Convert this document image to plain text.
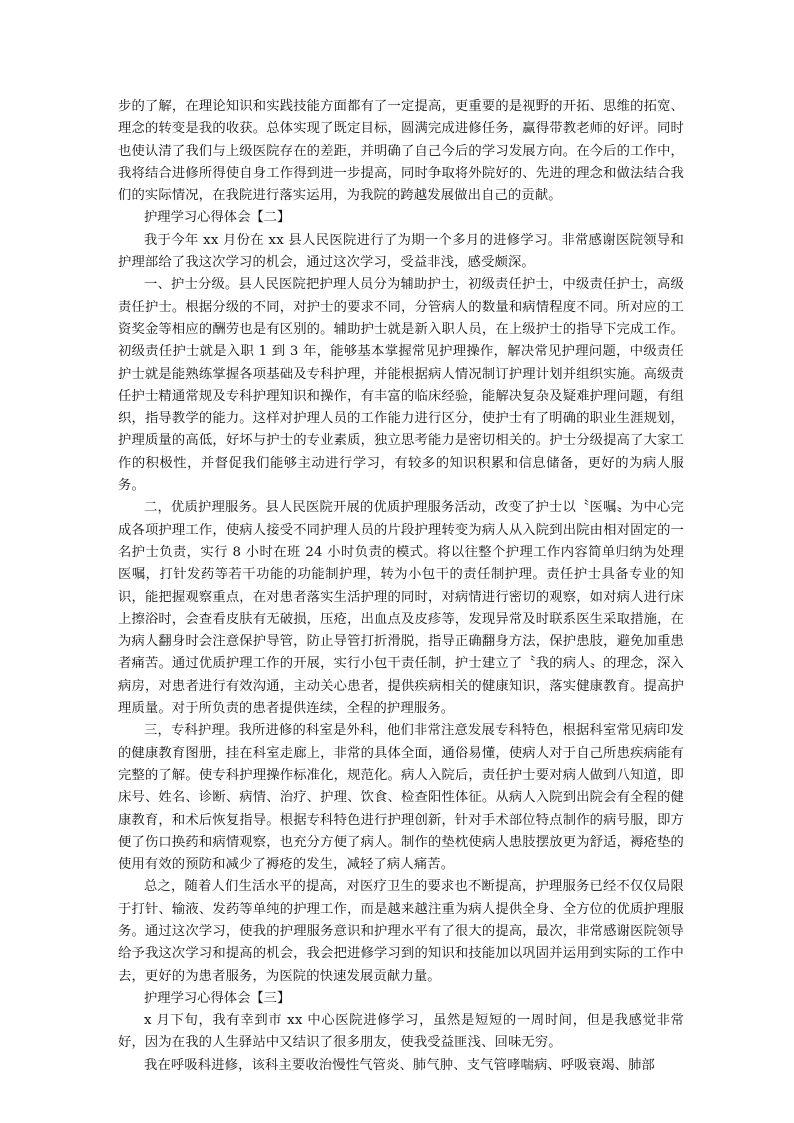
步的了解，在理论知识和实践技能方面都有了一定提高，更重要的是视野的开拓、思维的拓宽、理念的转变是我的收获。总体实现了既定目标，圆满完成进修任务，赢得带教老师的好评。同时也使认清了我们与上级医院存在的差距，并明确了自己今后的学习发展方向。在今后的工作中，我将结合进修所得使自身工作得到进一步提高，同时争取将外院好的、先进的理念和做法结合我们的实际情况，在我院进行落实运用，为我院的跨越发展做出自己的贡献。

护理学习心得体会【二】

我于今年 xx 月份在 xx 县人民医院进行了为期一个多月的进修学习。非常感谢医院领导和护理部给了我这次学习的机会，通过这次学习，受益非浅，感受颇深。

一、护士分级。县人民医院把护理人员分为辅助护士，初级责任护士，中级责任护士，高级责任护士。根据分级的不同，对护士的要求不同，分管病人的数量和病情程度不同。所对应的工资奖金等相应的酬劳也是有区别的。辅助护士就是新入职人员，在上级护士的指导下完成工作。初级责任护士就是入职 1 到 3 年，能够基本掌握常见护理操作，解决常见护理问题，中级责任护士就是能熟练掌握各项基础及专科护理，并能根据病人情况制订护理计划并组织实施。高级责任护士精通常规及专科护理知识和操作，有丰富的临床经验，能解决复杂及疑难护理问题，有组织，指导教学的能力。这样对护理人员的工作能力进行区分，使护士有了明确的职业生涯规划，护理质量的高低，好坏与护士的专业素质，独立思考能力是密切相关的。护士分级提高了大家工作的积极性，并督促我们能够主动进行学习，有较多的知识积累和信息储备，更好的为病人服务。

二，优质护理服务。县人民医院开展的优质护理服务活动，改变了护士以〝医嘱〟为中心完成各项护理工作，使病人接受不同护理人员的片段护理转变为病人从入院到出院由相对固定的一名护士负责，实行 8 小时在班 24 小时负责的模式。将以往整个护理工作内容简单归纳为处理医嘱，打针发药等若干功能的功能制护理，转为小包干的责任制护理。责任护士具备专业的知识，能把握观察重点，在对患者落实生活护理的同时，对病情进行密切的观察，如对病人进行床上擦浴时，会查看皮肤有无破损，压疮，出血点及皮疹等，发现异常及时联系医生采取措施，在为病人翻身时会注意保护导管，防止导管打折滑脱，指导正确翻身方法，保护患肢，避免加重患者痛苦。通过优质护理工作的开展，实行小包干责任制，护士建立了〝我的病人〟的理念，深入病房，对患者进行有效沟通，主动关心患者，提供疾病相关的健康知识，落实健康教育。提高护理质量。对于所负责的患者提供连续，全程的护理服务。

三，专科护理。我所进修的科室是外科，他们非常注意发展专科特色，根据科室常见病印发的健康教育图册，挂在科室走廊上，非常的具体全面，通俗易懂，使病人对于自己所患疾病能有完整的了解。使专科护理操作标准化，规范化。病人入院后，责任护士要对病人做到八知道，即床号、姓名、诊断、病情、治疗、护理、饮食、检查阳性体征。从病人入院到出院会有全程的健康教育，和术后恢复指导。根据专科特色进行护理创新，针对手术部位特点制作的病号服，即方便了伤口换药和病情观察，也充分方便了病人。制作的垫枕使病人患肢摆放更为舒适，褥疮垫的使用有效的预防和减少了褥疮的发生，减轻了病人痛苦。

总之，随着人们生活水平的提高，对医疗卫生的要求也不断提高，护理服务已经不仅仅局限于打针、输液、发药等单纯的护理工作，而是越来越注重为病人提供全身、全方位的优质护理服务。通过这次学习，使我的护理服务意识和护理水平有了很大的提高，最次，非常感谢医院领导给予我这次学习和提高的机会，我会把进修学习到的知识和技能加以巩固并运用到实际的工作中去，更好的为患者服务，为医院的快速发展贡献力量。

护理学习心得体会【三】

x 月下旬，我有幸到市 xx 中心医院进修学习，虽然是短短的一周时间，但是我感觉非常好，因为在我的人生驿站中又结识了很多朋友，使我受益匪浅、回味无穷。

我在呼吸科进修，该科主要收治慢性气管炎、肺气肿、支气管哮喘病、呼吸衰竭、肺部
